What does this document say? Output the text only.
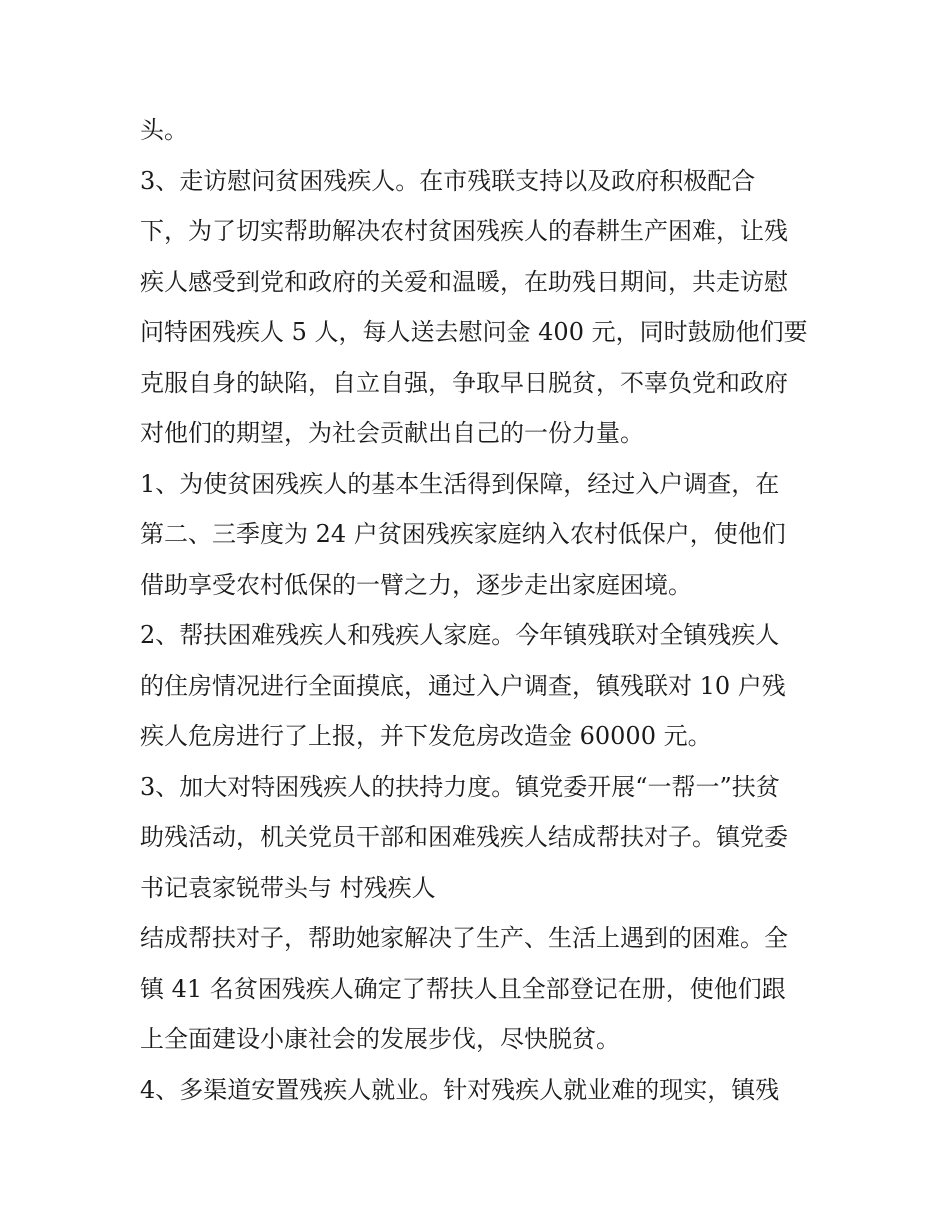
头。
3、走访慰问贫困残疾人。在市残联支持以及政府积极配合
下，为了切实帮助解决农村贫困残疾人的春耕生产困难，让残
疾人感受到党和政府的关爱和温暖，在助残日期间，共走访慰
问特困残疾人 5 人，每人送去慰问金 400 元，同时鼓励他们要
克服自身的缺陷，自立自强，争取早日脱贫，不辜负党和政府
对他们的期望，为社会贡献出自己的一份力量。
1、为使贫困残疾人的基本生活得到保障，经过入户调查，在
第二、三季度为 24 户贫困残疾家庭纳入农村低保户，使他们
借助享受农村低保的一臂之力，逐步走出家庭困境。
2、帮扶困难残疾人和残疾人家庭。今年镇残联对全镇残疾人
的住房情况进行全面摸底，通过入户调查，镇残联对 10 户残
疾人危房进行了上报，并下发危房改造金 60000 元。
3、加大对特困残疾人的扶持力度。镇党委开展“一帮一”扶贫
助残活动，机关党员干部和困难残疾人结成帮扶对子。镇党委
书记袁家锐带头与 村残疾人
结成帮扶对子，帮助她家解决了生产、生活上遇到的困难。全
镇 41 名贫困残疾人确定了帮扶人且全部登记在册，使他们跟
上全面建设小康社会的发展步伐，尽快脱贫。
4、多渠道安置残疾人就业。针对残疾人就业难的现实，镇残
